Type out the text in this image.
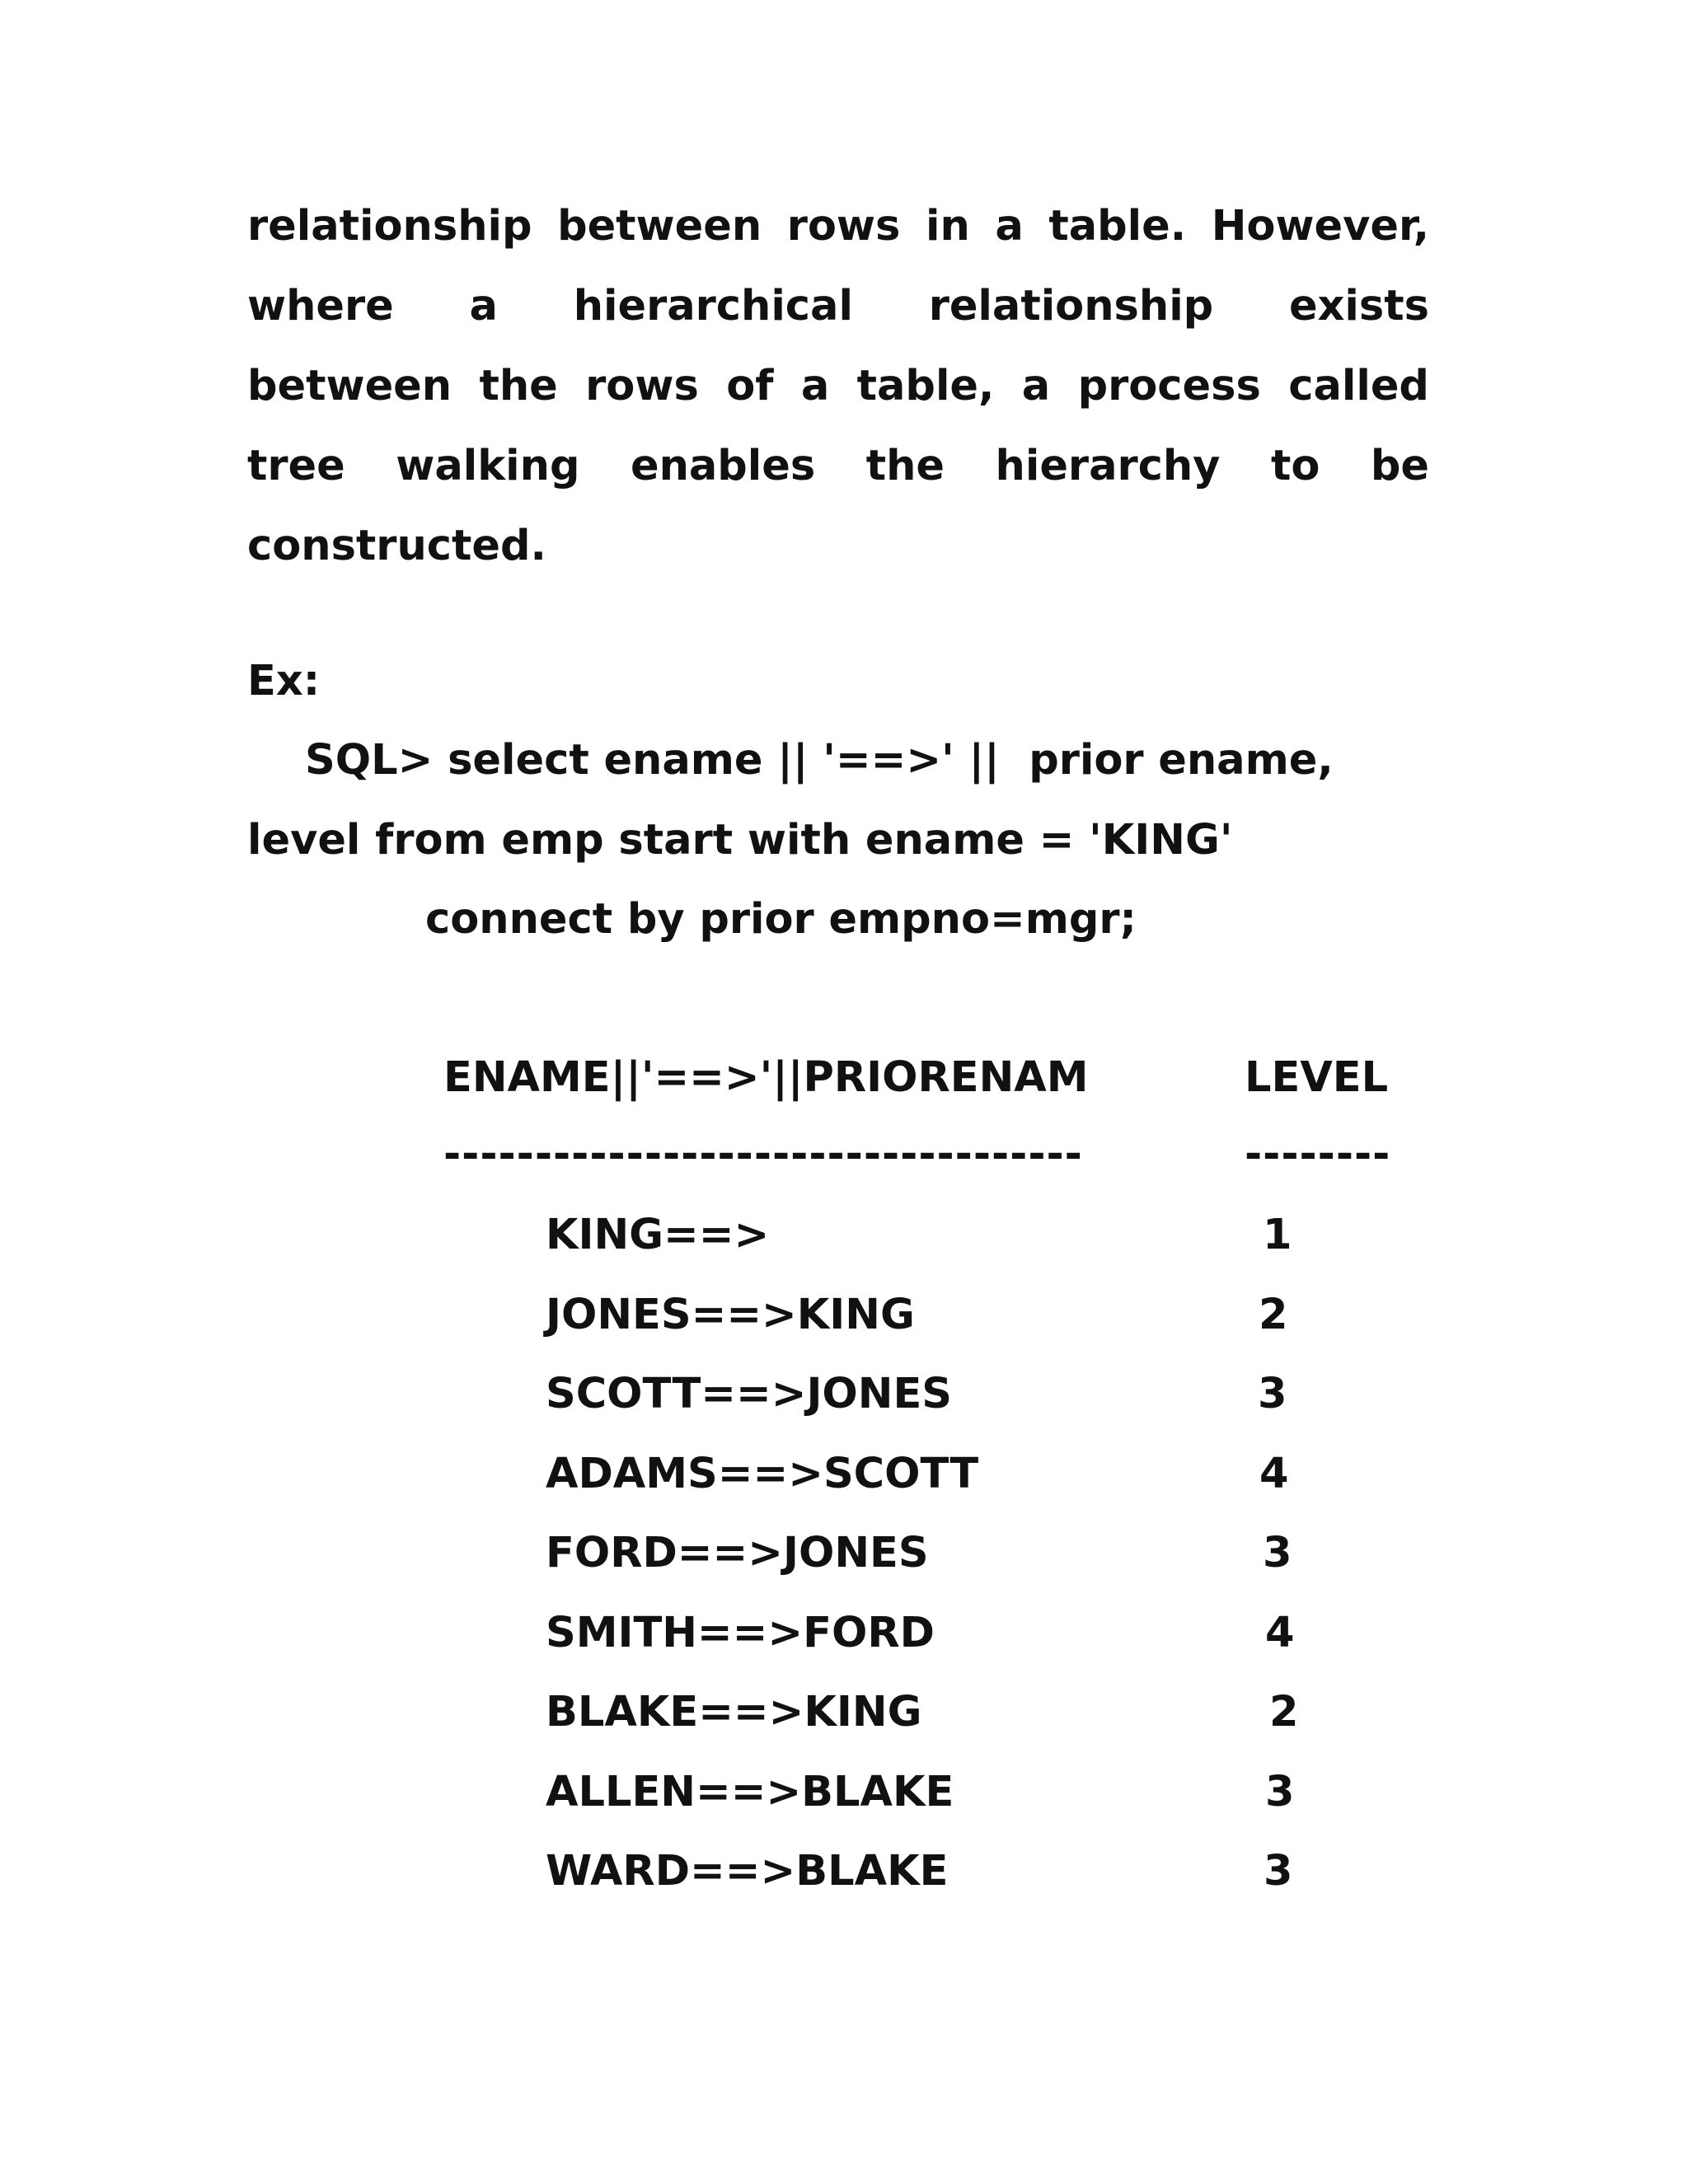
relationship between rows in a table. However,
where a hierarchical relationship exists
between the rows of a table, a process called
tree walking enables the hierarchy to be
constructed.
Ex:
SQL> select ename || '==>' ||  prior ename,
level from emp start with ename = 'KING'
connect by prior empno=mgr;
ENAME||'==>'||PRIORENAM	LEVEL
-----------------------------------	--------
KING==>	1
JONES==>KING	2
SCOTT==>JONES	3
ADAMS==>SCOTT	4
FORD==>JONES	3
SMITH==>FORD	4
BLAKE==>KING	2
ALLEN==>BLAKE	3
WARD==>BLAKE	3
